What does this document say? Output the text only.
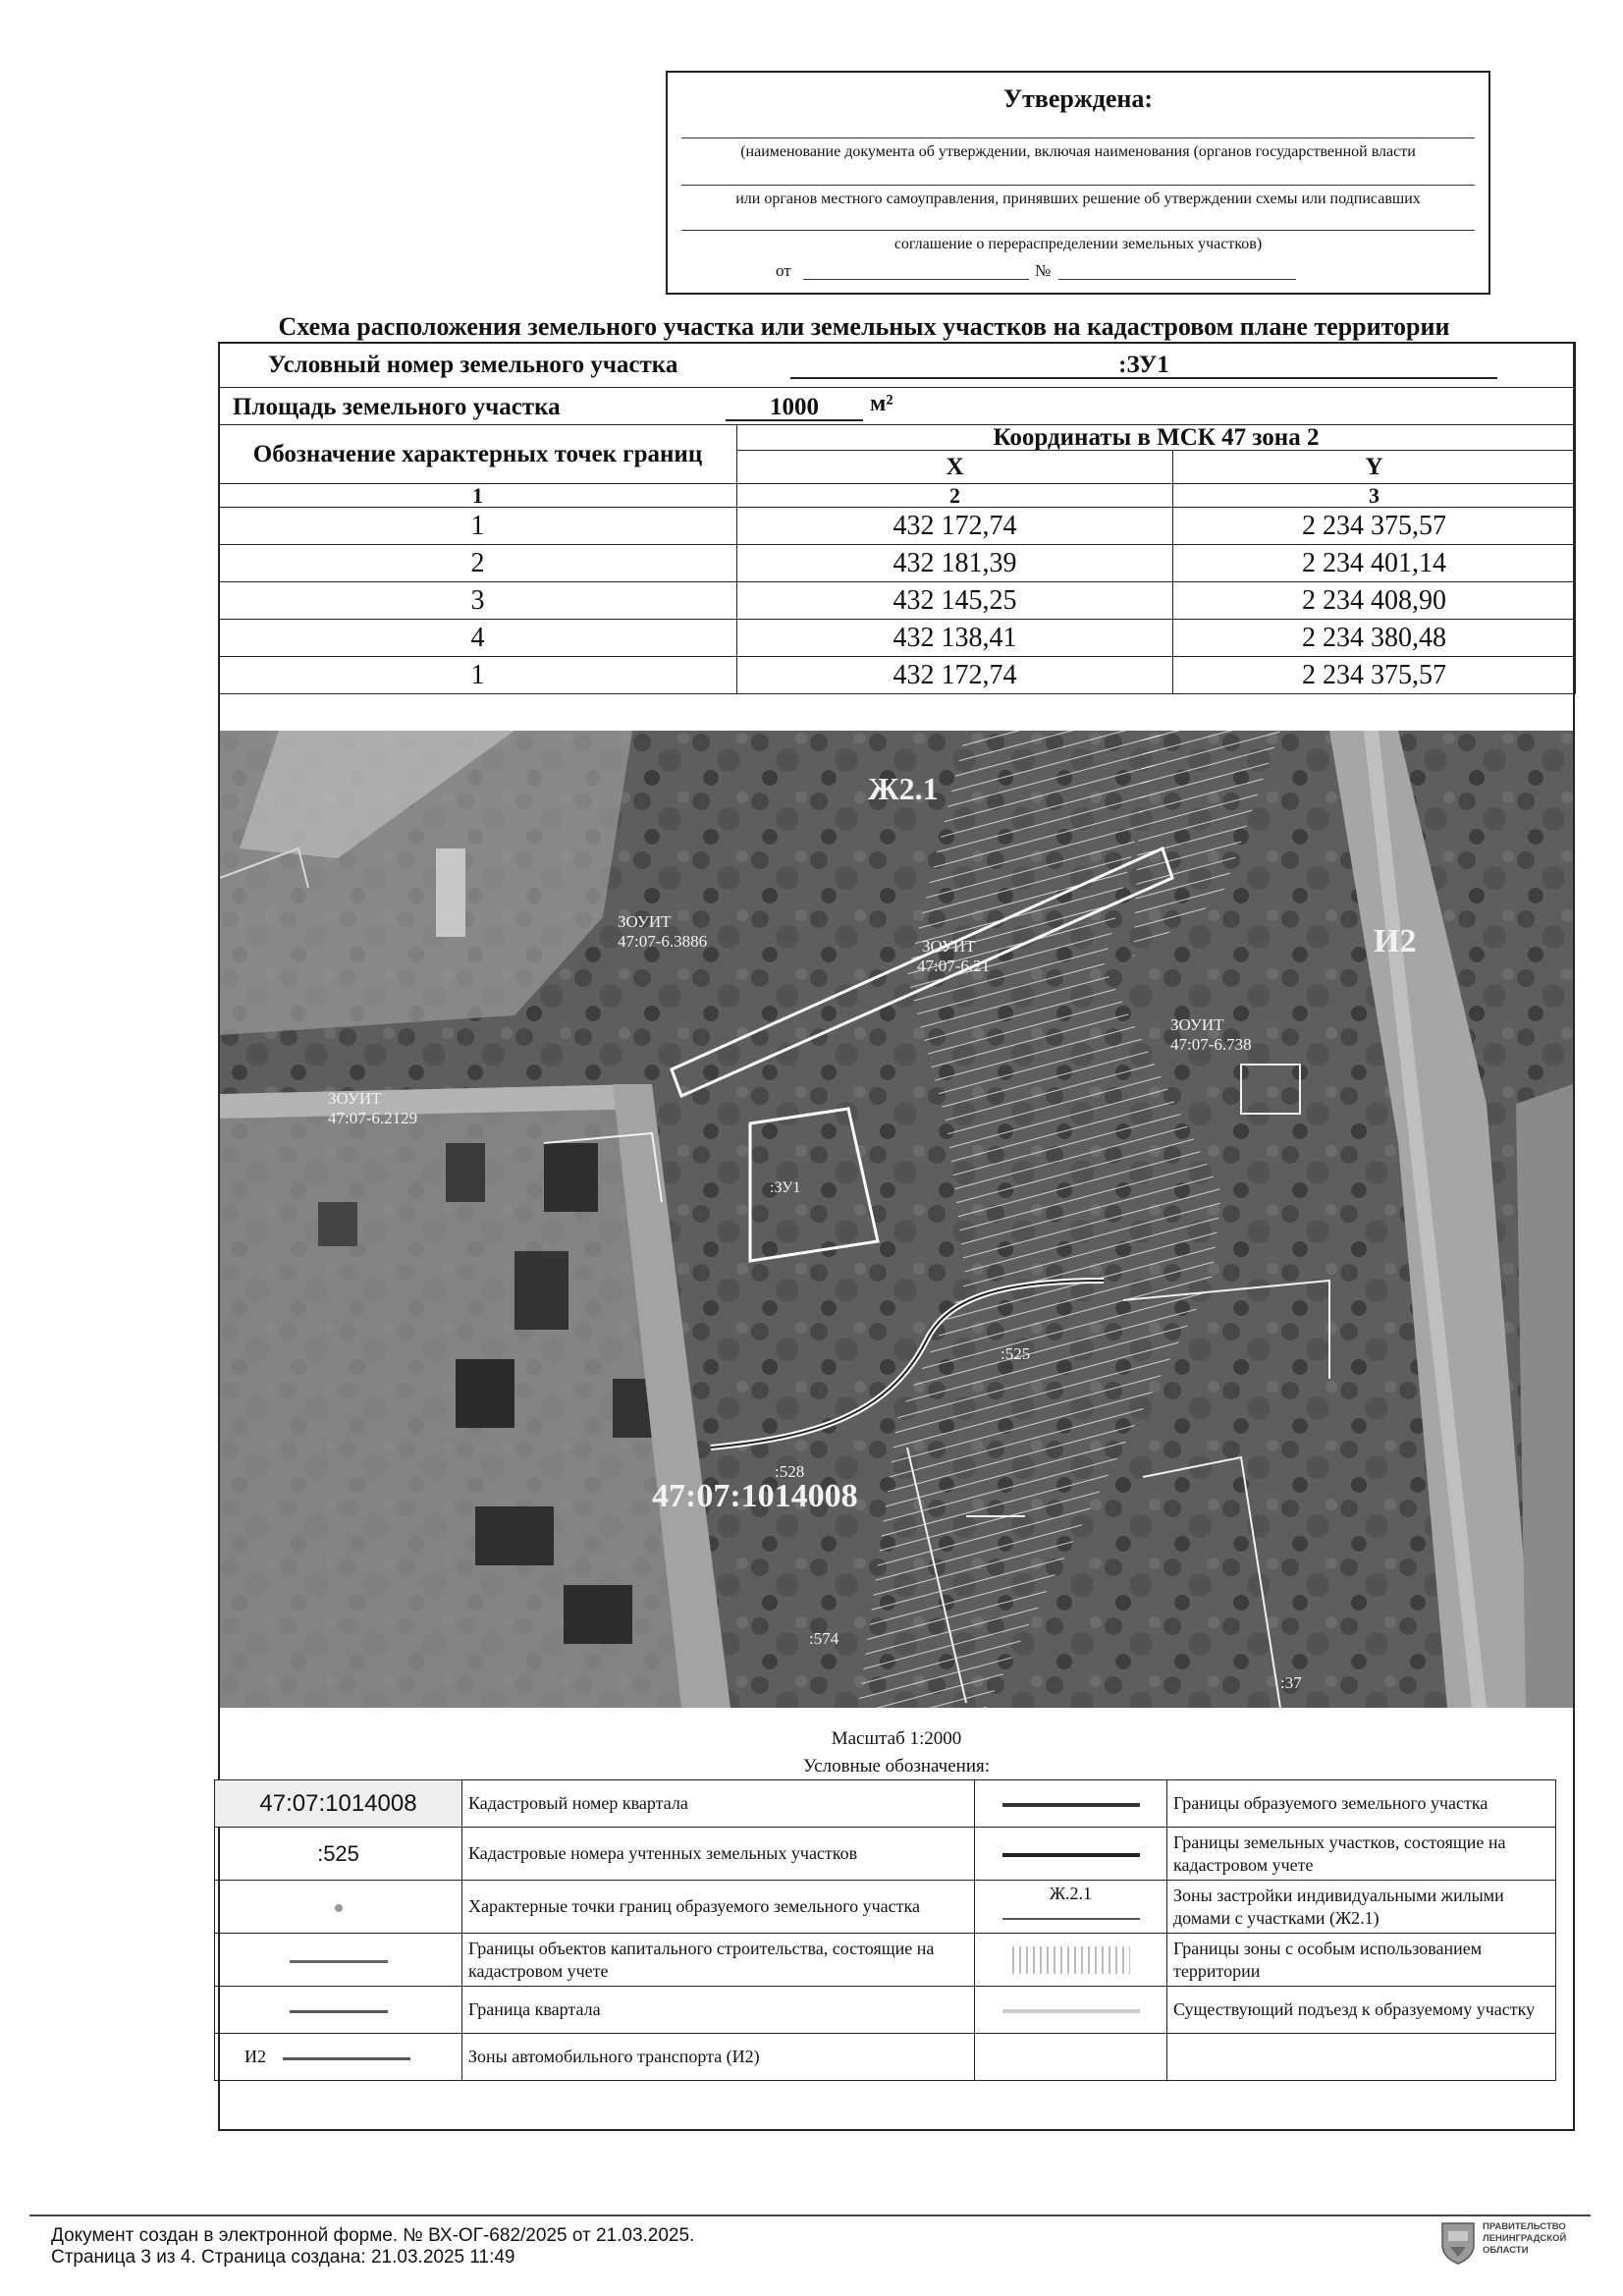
Утверждена:
(наименование документа об утверждении, включая наименования (органов государственной власти
или органов местного самоуправления, принявших решение об утверждении схемы или подписавших
соглашение о перераспределении земельных участков)
от	№
Схема расположения земельного участка или земельных участков на кадастровом плане территории
Условный номер земельного участка :ЗУ1		
Площадь земельного участка 1000 м²		
Обозначение характерных точек границ	Координаты в МСК 47 зона 2	
	X	Y
1	2	3
1	432 172,74	2 234 375,57
2	432 181,39	2 234 401,14
3	432 145,25	2 234 408,90
4	432 138,41	2 234 380,48
1	432 172,74	2 234 375,57
Ж2.1
И2
ЗОУИТ
47:07-6.3886	ЗОУИТ
47:07-6.21
ЗОУИТ
47:07-6.738
ЗОУИТ
47:07-6.2129
:ЗУ1
:525
:528
:37
:574
47:07:1014008
Масштаб 1:2000
Условные обозначения:
47:07:1014008	Кадастровый номер квартала		Границы образуемого земельного участка
:525	Кадастровые номера учтенных земельных участков		Границы земельных участков, состоящие на кадастровом учете
	Характерные точки границ образуемого земельного участка	Ж.2.1	Зоны застройки индивидуальными жилыми домами с участками (Ж2.1)
	Границы объектов капитального строительства, состоящие на кадастровом учете		Границы зоны с особым использованием территории
	Граница квартала		Существующий подъезд к образуемому участку
И2	Зоны автомобильного транспорта (И2)		
Документ создан в электронной форме. № ВХ-ОГ-682/2025 от 21.03.2025.
Страница 3 из 4. Страница создана: 21.03.2025 11:49
ПРАВИТЕЛЬСТВО
ЛЕНИНГРАДСКОЙ
ОБЛАСТИ
